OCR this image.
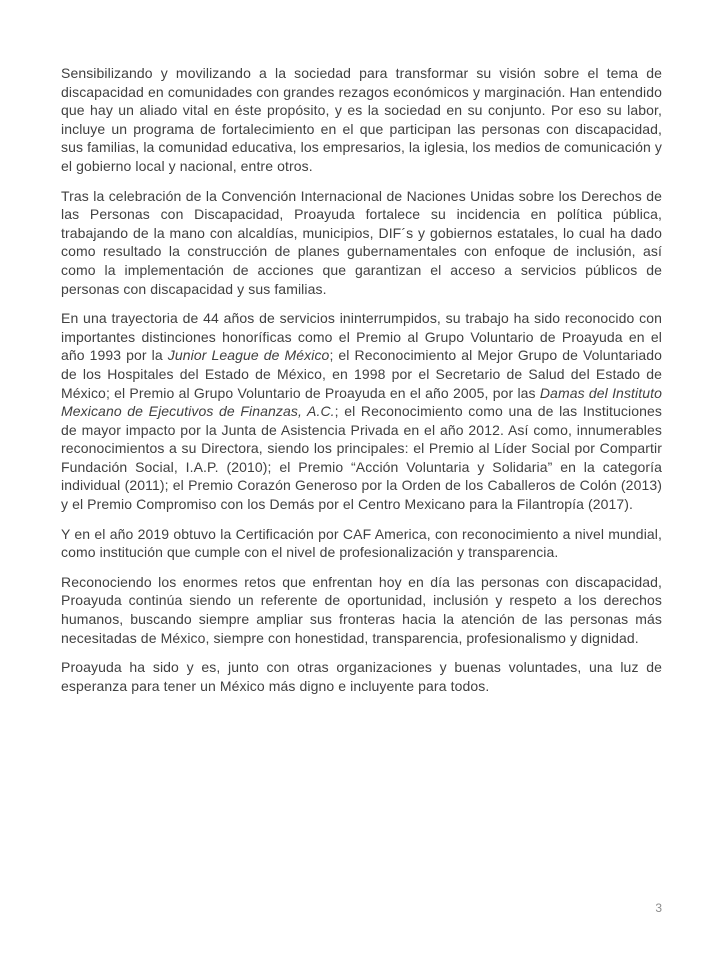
Sensibilizando y movilizando a la sociedad para transformar su visión sobre el tema de discapacidad en comunidades con grandes rezagos económicos y marginación. Han entendido que hay un aliado vital en éste propósito, y es la sociedad en su conjunto. Por eso su labor, incluye un programa de fortalecimiento en el que participan las personas con discapacidad, sus familias, la comunidad educativa, los empresarios, la iglesia, los medios de comunicación y el gobierno local y nacional, entre otros.

Tras la celebración de la Convención Internacional de Naciones Unidas sobre los Derechos de las Personas con Discapacidad, Proayuda fortalece su incidencia en política pública, trabajando de la mano con alcaldías, municipios, DIF´s y gobiernos estatales, lo cual ha dado como resultado la construcción de planes gubernamentales con enfoque de inclusión, así como la implementación de acciones que garantizan el acceso a servicios públicos de personas con discapacidad y sus familias.

En una trayectoria de 44 años de servicios ininterrumpidos, su trabajo ha sido reconocido con importantes distinciones honoríficas como el Premio al Grupo Voluntario de Proayuda en el año 1993 por la Junior League de México; el Reconocimiento al Mejor Grupo de Voluntariado de los Hospitales del Estado de México, en 1998 por el Secretario de Salud del Estado de México; el Premio al Grupo Voluntario de Proayuda en el año 2005, por las Damas del Instituto Mexicano de Ejecutivos de Finanzas, A.C.; el Reconocimiento como una de las Instituciones de mayor impacto por la Junta de Asistencia Privada en el año 2012. Así como, innumerables reconocimientos a su Directora, siendo los principales: el Premio al Líder Social por Compartir Fundación Social, I.A.P. (2010); el Premio “Acción Voluntaria y Solidaria” en la categoría individual (2011); el Premio Corazón Generoso por la Orden de los Caballeros de Colón (2013) y el Premio Compromiso con los Demás por el Centro Mexicano para la Filantropía (2017).

Y en el año 2019 obtuvo la Certificación por CAF America, con reconocimiento a nivel mundial, como institución que cumple con el nivel de profesionalización y transparencia.

Reconociendo los enormes retos que enfrentan hoy en día las personas con discapacidad, Proayuda continúa siendo un referente de oportunidad, inclusión y respeto a los derechos humanos, buscando siempre ampliar sus fronteras hacia la atención de las personas más necesitadas de México, siempre con honestidad, transparencia, profesionalismo y dignidad.

Proayuda ha sido y es, junto con otras organizaciones y buenas voluntades, una luz de esperanza para tener un México más digno e incluyente para todos.

3
